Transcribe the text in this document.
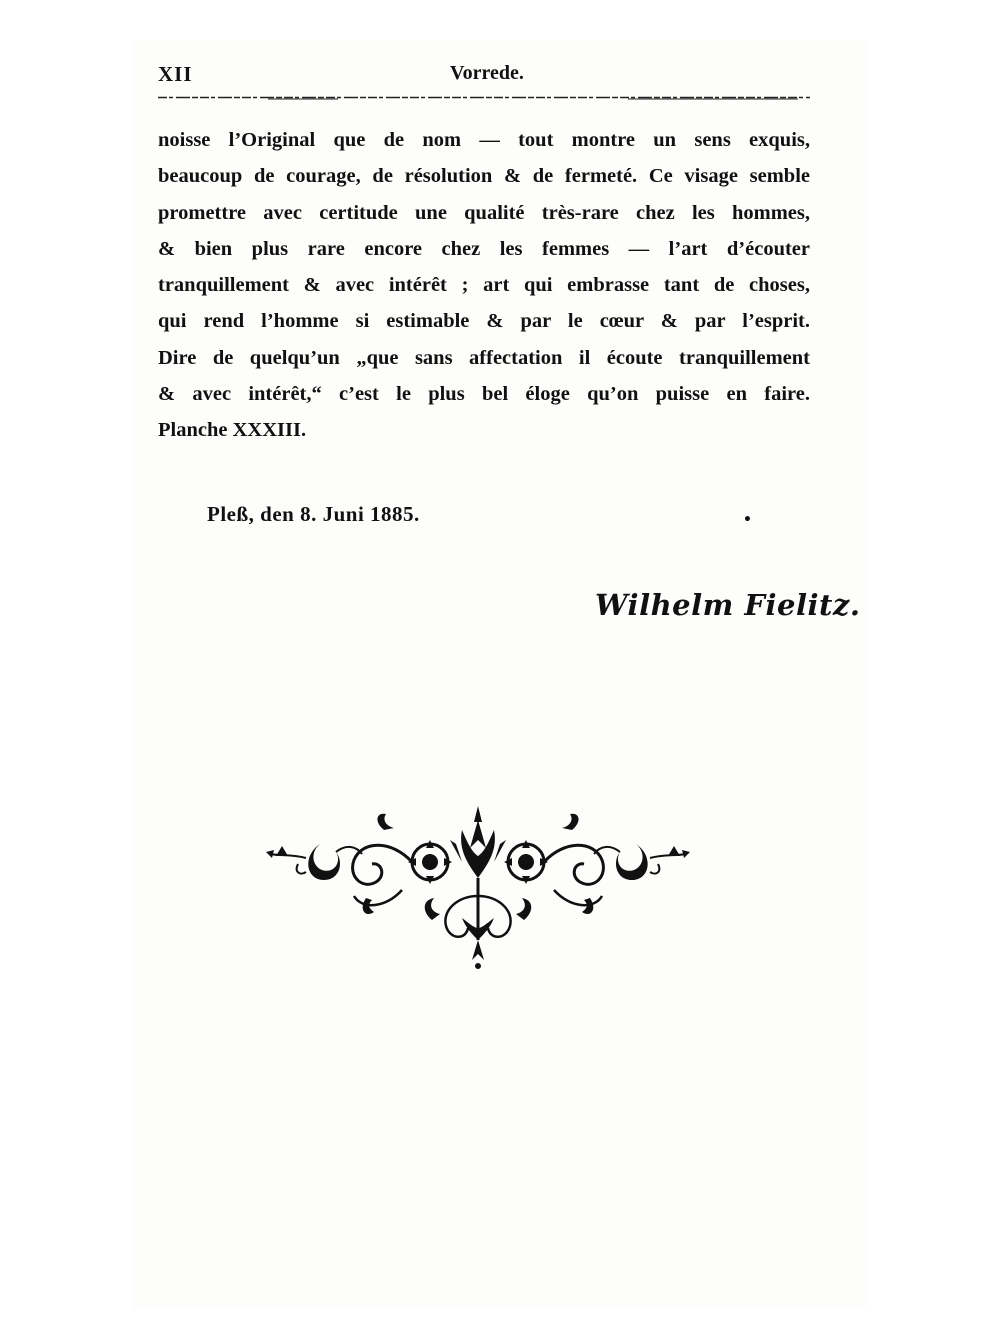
XII	Vorrede.
noisse l’Original que de nom — tout montre un sens exquis,
beaucoup de courage, de résolution & de fermeté. Ce visage semble
promettre avec certitude une qualité très-rare chez les hommes,
& bien plus rare encore chez les femmes — l’art d’écouter
tranquillement & avec intérêt ; art qui embrasse tant de choses,
qui rend l’homme si estimable & par le cœur & par l’esprit.
Dire de quelqu’un „que sans affectation il écoute tranquillement
& avec intérêt,“ c’est le plus bel éloge qu’on puisse en faire.
Planche XXXIII.
Pleß, den 8. Juni 1885.	•
Wilhelm Fielitz.
